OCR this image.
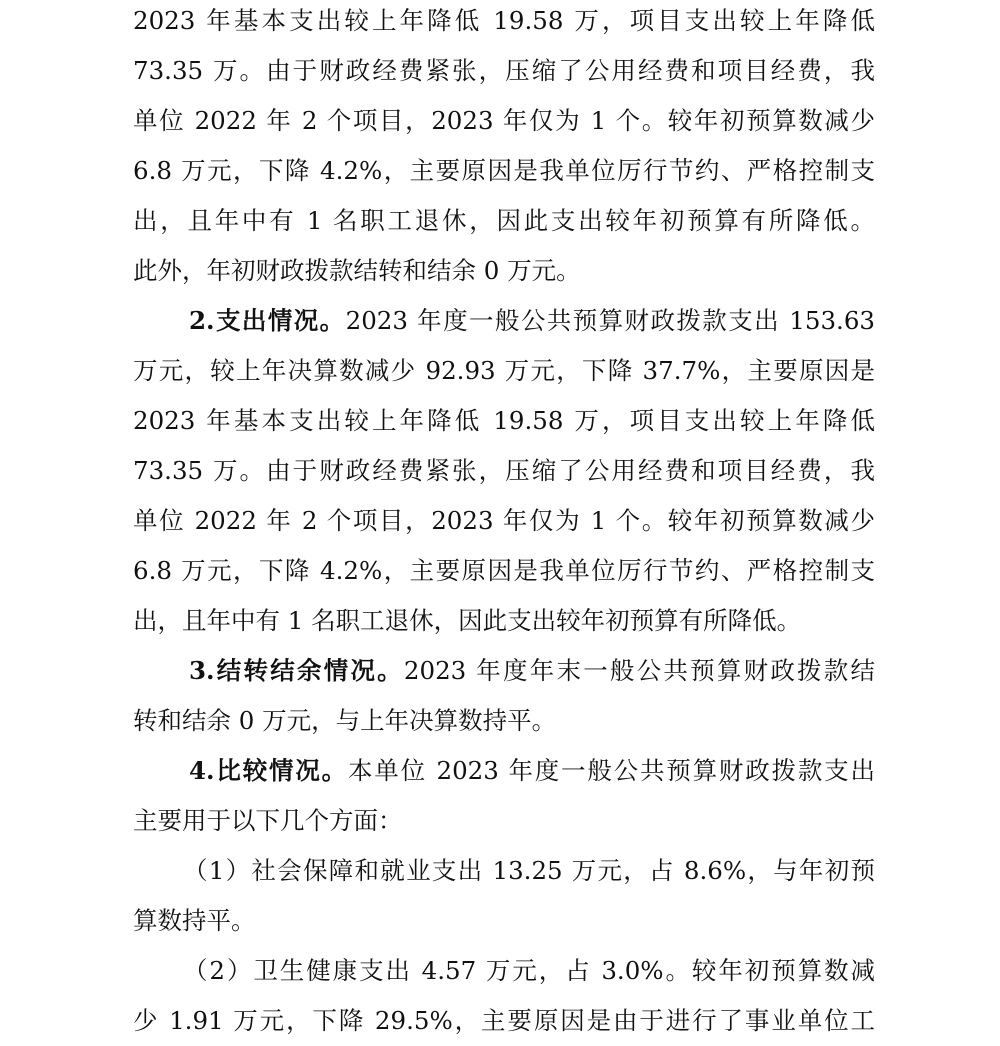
2023 年基本支出较上年降低 19.58 万，项目支出较上年降低
73.35 万。由于财政经费紧张，压缩了公用经费和项目经费，我
单位 2022 年 2 个项目，2023 年仅为 1 个。较年初预算数减少
6.8 万元，下降 4.2%，主要原因是我单位厉行节约、严格控制支
出，且年中有 1 名职工退休，因此支出较年初预算有所降低。
此外，年初财政拨款结转和结余 0 万元。
2.支出情况。2023 年度一般公共预算财政拨款支出 153.63
万元，较上年决算数减少 92.93 万元，下降 37.7%，主要原因是
2023 年基本支出较上年降低 19.58 万，项目支出较上年降低
73.35 万。由于财政经费紧张，压缩了公用经费和项目经费，我
单位 2022 年 2 个项目，2023 年仅为 1 个。较年初预算数减少
6.8 万元，下降 4.2%，主要原因是我单位厉行节约、严格控制支
出，且年中有 1 名职工退休，因此支出较年初预算有所降低。
3.结转结余情况。2023 年度年末一般公共预算财政拨款结
转和结余 0 万元，与上年决算数持平。
4.比较情况。本单位 2023 年度一般公共预算财政拨款支出
主要用于以下几个方面：
（1）社会保障和就业支出 13.25 万元，占 8.6%，与年初预
算数持平。
（2）卫生健康支出 4.57 万元，占 3.0%。较年初预算数减
少 1.91 万元，下降 29.5%，主要原因是由于进行了事业单位工
